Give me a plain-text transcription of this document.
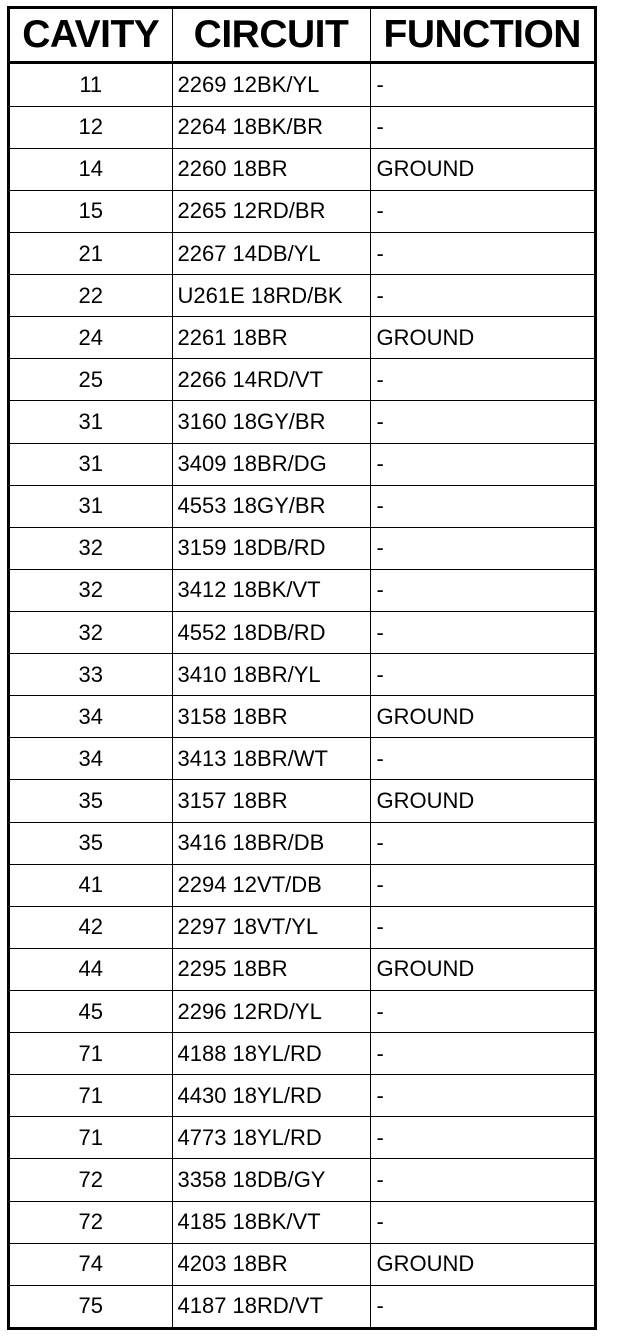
CAVITY	CIRCUIT	FUNCTION
11	2269 12BK/YL	-
12	2264 18BK/BR	-
14	2260 18BR	GROUND
15	2265 12RD/BR	-
21	2267 14DB/YL	-
22	U261E 18RD/BK	-
24	2261 18BR	GROUND
25	2266 14RD/VT	-
31	3160 18GY/BR	-
31	3409 18BR/DG	-
31	4553 18GY/BR	-
32	3159 18DB/RD	-
32	3412 18BK/VT	-
32	4552 18DB/RD	-
33	3410 18BR/YL	-
34	3158 18BR	GROUND
34	3413 18BR/WT	-
35	3157 18BR	GROUND
35	3416 18BR/DB	-
41	2294 12VT/DB	-
42	2297 18VT/YL	-
44	2295 18BR	GROUND
45	2296 12RD/YL	-
71	4188 18YL/RD	-
71	4430 18YL/RD	-
71	4773 18YL/RD	-
72	3358 18DB/GY	-
72	4185 18BK/VT	-
74	4203 18BR	GROUND
75	4187 18RD/VT	-
